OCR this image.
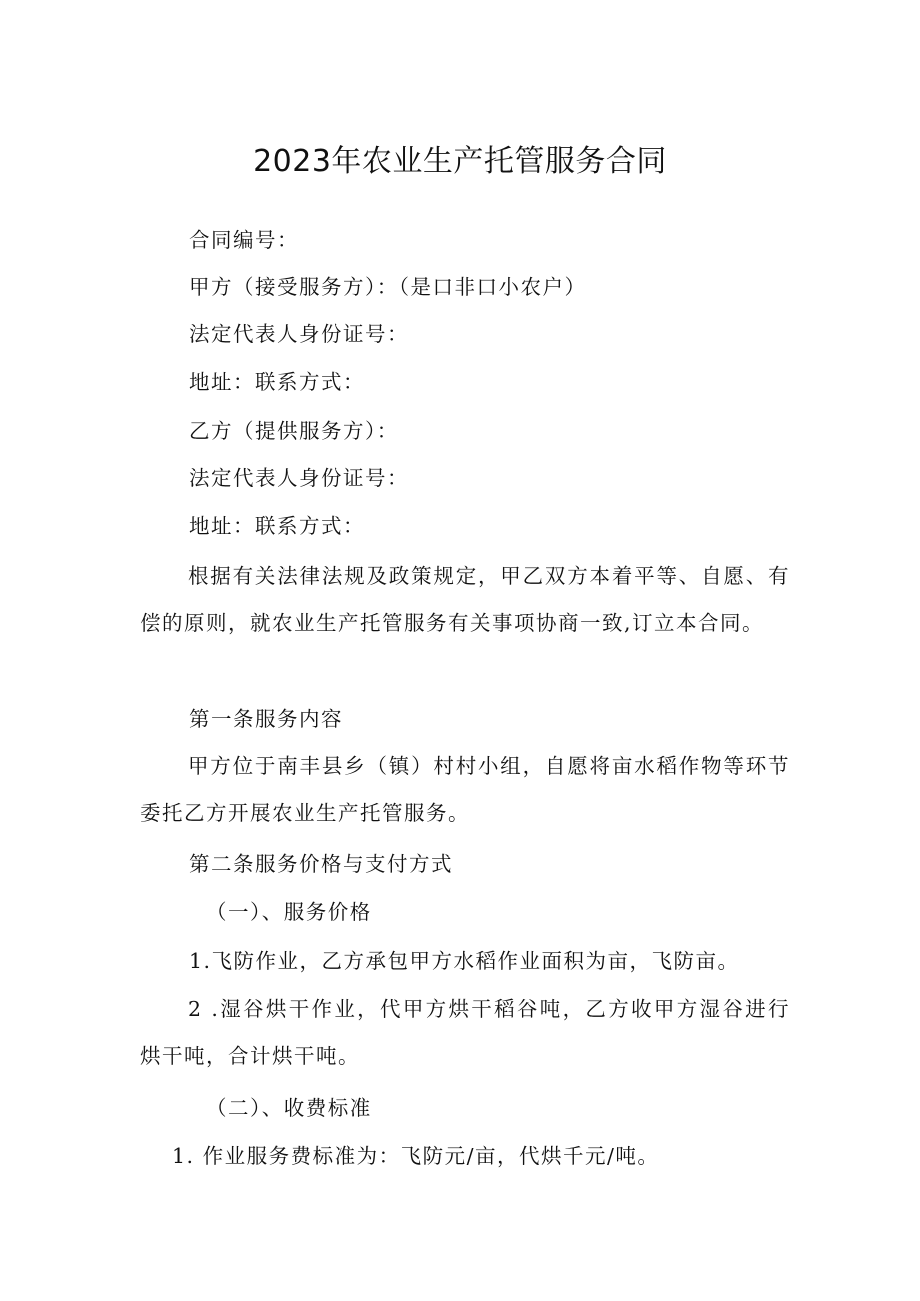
2023年农业生产托管服务合同

合同编号：

甲方（接受服务方）：（是口非口小农户）

法定代表人身份证号：

地址：联系方式：

乙方（提供服务方）：

法定代表人身份证号：

地址：联系方式：

根据有关法律法规及政策规定，甲乙双方本着平等、自愿、有偿的原则，就农业生产托管服务有关事项协商一致,订立本合同。

第一条服务内容

甲方位于南丰县乡（镇）村村小组，自愿将亩水稻作物等环节委托乙方开展农业生产托管服务。

第二条服务价格与支付方式

（一）、服务价格

1.飞防作业，乙方承包甲方水稻作业面积为亩，飞防亩。

2 .湿谷烘干作业，代甲方烘干稻谷吨，乙方收甲方湿谷进行烘干吨，合计烘干吨。

（二）、收费标准

1. 作业服务费标准为：飞防元/亩，代烘千元/吨。
